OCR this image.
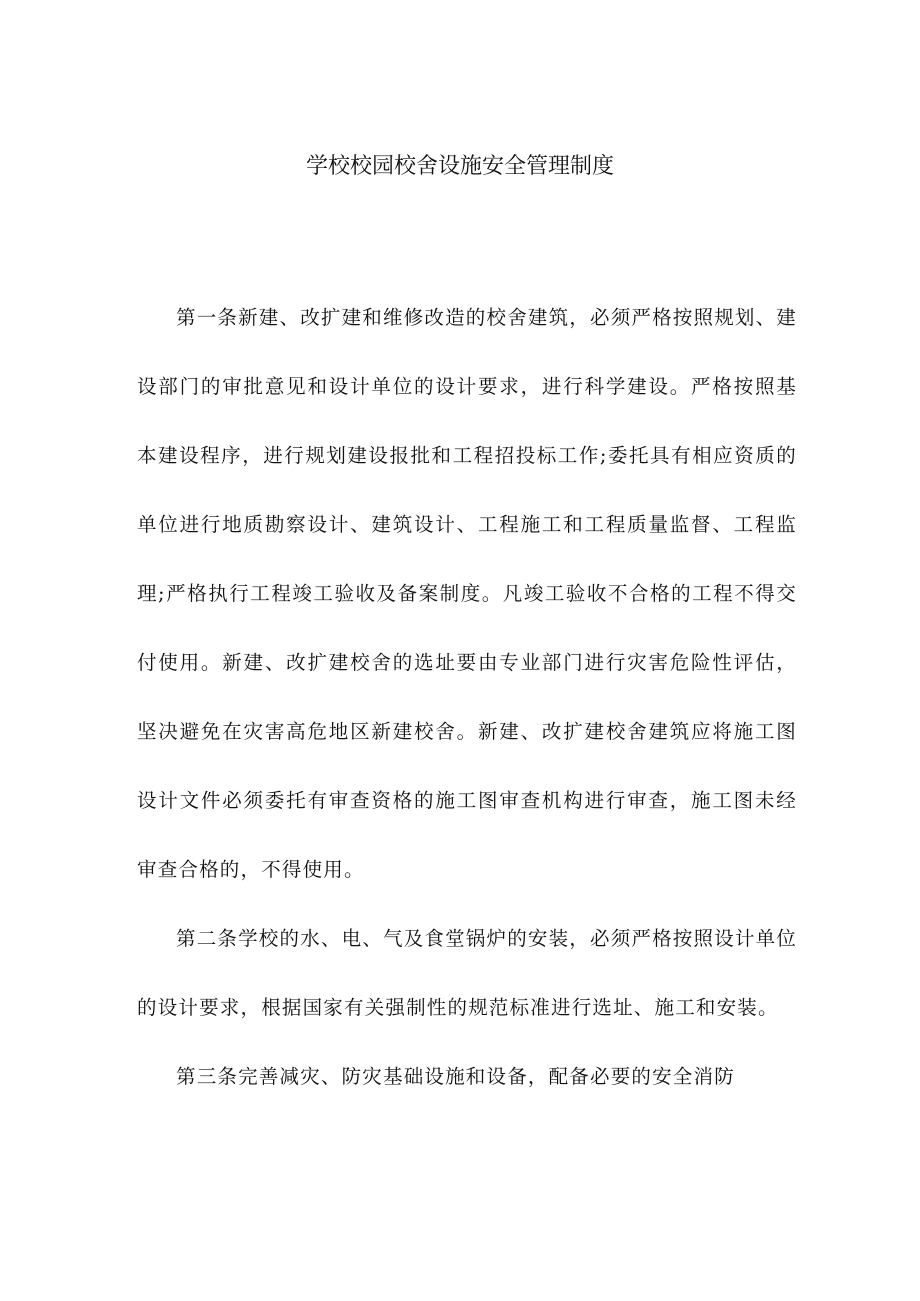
学校校园校舍设施安全管理制度

第一条新建、改扩建和维修改造的校舍建筑，必须严格按照规划、建设部门的审批意见和设计单位的设计要求，进行科学建设。严格按照基本建设程序，进行规划建设报批和工程招投标工作;委托具有相应资质的单位进行地质勘察设计、建筑设计、工程施工和工程质量监督、工程监理;严格执行工程竣工验收及备案制度。凡竣工验收不合格的工程不得交付使用。新建、改扩建校舍的选址要由专业部门进行灾害危险性评估，坚决避免在灾害高危地区新建校舍。新建、改扩建校舍建筑应将施工图设计文件必须委托有审查资格的施工图审查机构进行审查，施工图未经审查合格的，不得使用。

第二条学校的水、电、气及食堂锅炉的安装，必须严格按照设计单位的设计要求，根据国家有关强制性的规范标准进行选址、施工和安装。

第三条完善减灾、防灾基础设施和设备，配备必要的安全消防
